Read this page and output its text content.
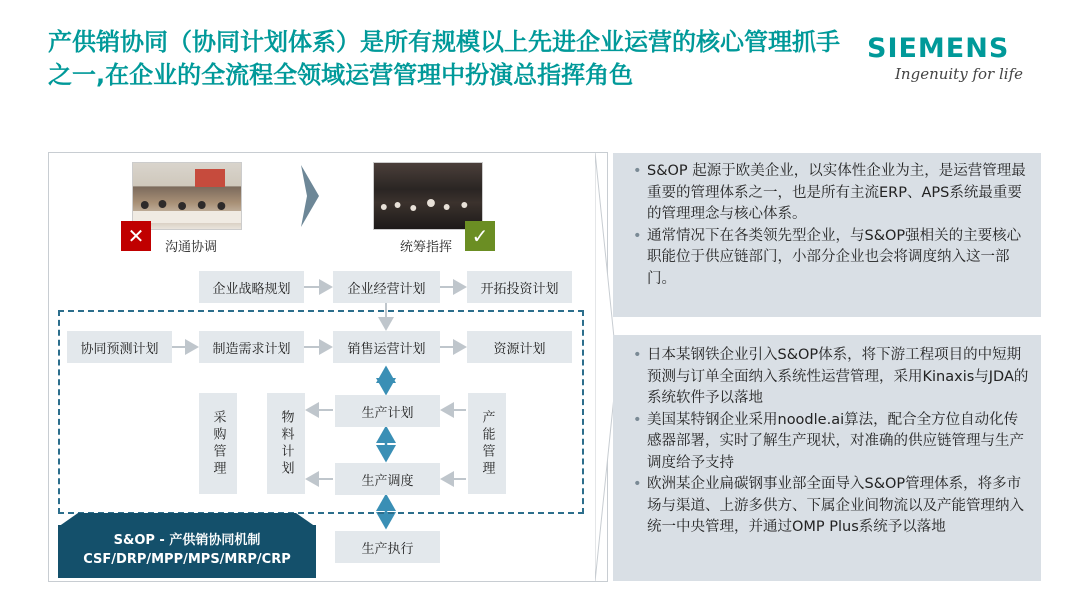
产供销协同（协同计划体系）是所有规模以上先进企业运营的核心管理抓手
之一,在企业的全流程全领域运营管理中扮演总指挥角色
SIEMENS
Ingenuity for life
✕	✓
沟通协调	统筹指挥
企业战略规划	企业经营计划	开拓投资计划
协同预测计划	制造需求计划	销售运营计划	资源计划
采购管理	物料计划	生产计划
生产调度
产能管理
生产执行
S&OP - 产供销协同机制
CSF/DRP/MPP/MPS/MRP/CRP
• S&OP 起源于欧美企业，以实体性企业为主，是运营管理最重要的管理体系之一，也是所有主流ERP、APS系统最重要的管理理念与核心体系。
• 通常情况下在各类领先型企业，与S&OP强相关的主要核心职能位于供应链部门，小部分企业也会将调度纳入这一部门。
• 日本某钢铁企业引入S&OP体系，将下游工程项目的中短期预测与订单全面纳入系统性运营管理，采用Kinaxis与JDA的系统软件予以落地
• 美国某特钢企业采用noodle.ai算法，配合全方位自动化传感器部署，实时了解生产现状，对准确的供应链管理与生产调度给予支持
• 欧洲某企业扁碳钢事业部全面导入S&OP管理体系，将多市场与渠道、上游多供方、下属企业间物流以及产能管理纳入统一中央管理，并通过OMP Plus系统予以落地
